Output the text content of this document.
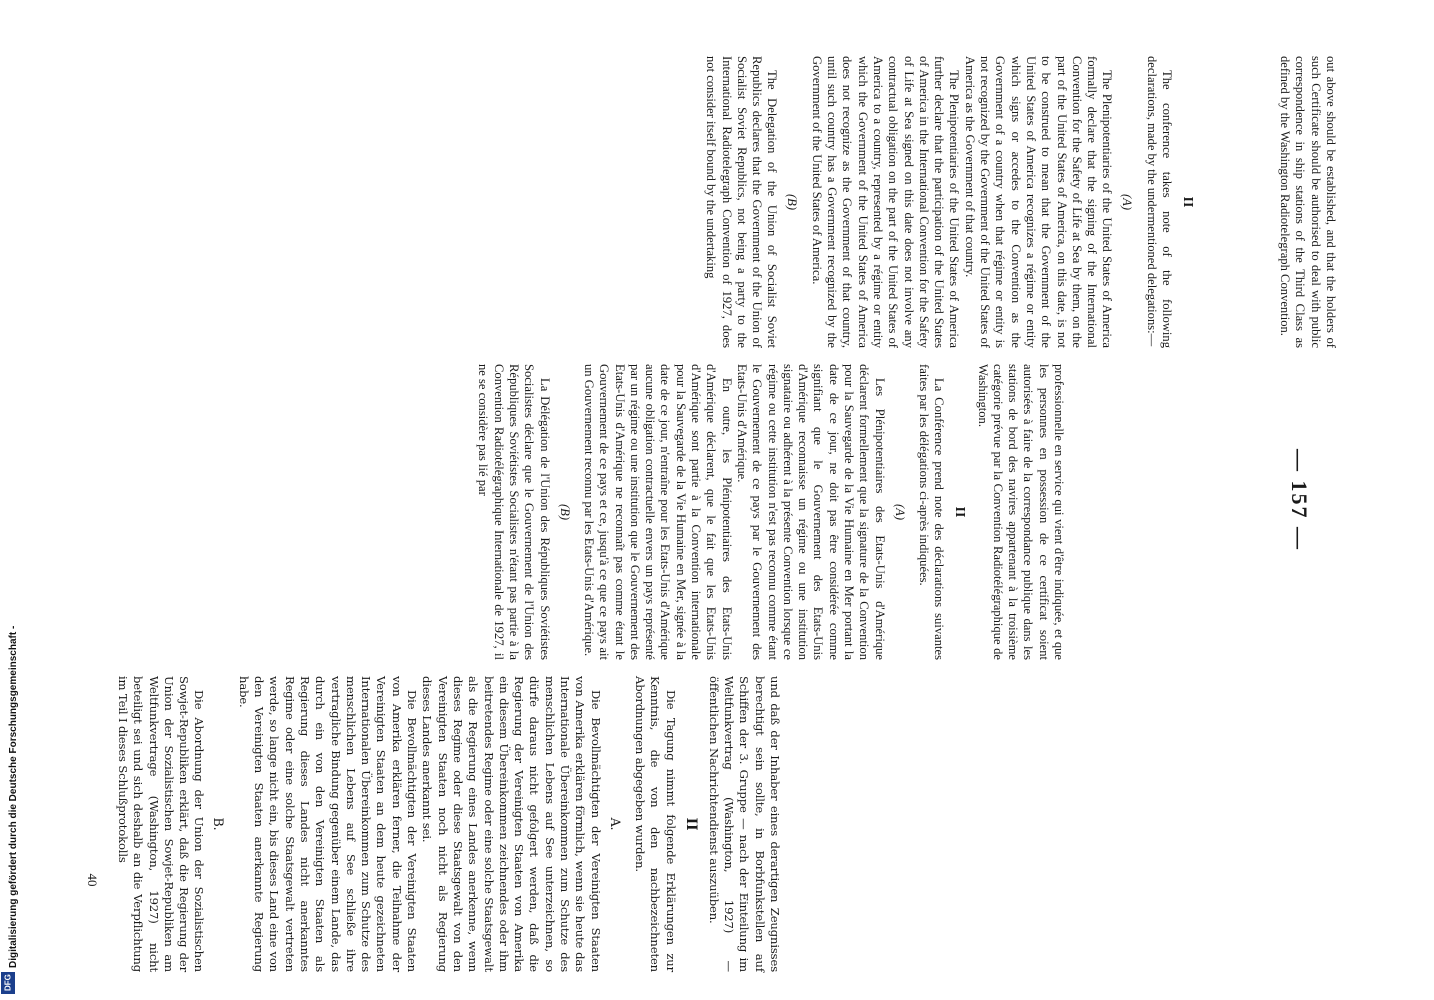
— 157 —

out above should be established, and that the holders of such Certificate should be authorised to deal with public correspondence in ship stations of the Third Class as defined by the Washington Radiotelegraph Convention.

II

The conference takes note of the following declarations, made by the undermentioned delegations:—

(A)

The Plenipotentiaries of the United States of America formally declare that the signing of the International Convention for the Safety of Life at Sea by them, on the part of the United States of America, on this date, is not to be construed to mean that the Government of the United States of America recognizes a régime or entity which signs or accedes to the Convention as the Government of a country when that régime or entity is not recognized by the Government of the United States of America as the Government of that country.

The Plenipotentiaries of the United States of America further declare that the participation of the United States of America in the International Convention for the Safety of Life at Sea signed on this date does not involve any contractual obligation on the part of the United States of America to a country, represented by a régime or entity which the Government of the United States of America does not recognize as the Government of that country, until such country has a Government recognized by the Government of the United States of America.

(B)

The Delegation of the Union of Socialist Soviet Republics declares that the Government of the Union of Socialist Soviet Republics, not being a party to the International Radiotelegraph Convention of 1927, does not consider itself bound by the undertaking

professionnelle en service qui vient d'être indiquée, et que les personnes en possession de ce certificat soient autorisées à faire de la correspondance publique dans les stations de bord des navires appartenant à la troisième catégorie prévue par la Convention Radiotélégraphique de Washington.

II

La Conférence prend note des déclarations suivantes faites par les délégations ci-après indiquées.

(A)

Les Plénipotentiaires des Etats-Unis d'Amérique déclarent formellement que la signature de la Convention pour la Sauvegarde de la Vie Humaine en Mer portant la date de ce jour, ne doit pas être considérée comme signifiant que le Gouvernement des Etats-Unis d'Amérique reconnaisse un régime ou une institution signataire ou adhérent à la présente Convention lorsque ce régime ou cette institution n'est pas reconnu comme étant le Gouvernement de ce pays par le Gouvernement des Etats-Unis d'Amérique.

En outre, les Plénipotentiaires des Etats-Unis d'Amérique déclarent, que le fait que les Etats-Unis d'Amérique sont partie à la Convention internationale pour la Sauvegarde de la Vie Humaine en Mer, signée à la date de ce jour, n'entraîne pour les Etats-Unis d'Amérique aucune obligation contractuelle envers un pays représenté par un régime ou une institution que le Gouvernement des Etats-Unis d'Amérique ne reconnaît pas comme étant le Gouvernement de ce pays et ce, jusqu'à ce que ce pays ait un Gouvernement reconnu par les Etats-Unis d'Amérique.

(B)

La Délégation de l'Union des Républiques Soviétistes Socialistes déclare que le Gouvernement de l'Union des Républiques Soviétistes Socialistes n'étant pas partie à la Convention Radiotélégraphique Internationale de 1927, il ne se considère pas lié par

und daß der Inhaber eines derartigen Zeugnisses berechtigt sein sollte, in Borbfunkstellen auf Schiffen der 3. Gruppe — nach der Einteilung im Weltfunkvertrag (Washington, 1927) — öffentlichen Nachrichtendienst auszuüben.

II

Die Tagung nimmt folgende Erklärungen zur Kenntnis, die von den nachbezeichneten Abordnungen abgegeben wurden.

A.

Die Bevollmächtigten der Vereinigten Staaten von Amerika erklären förmlich, wenn sie heute das Internationale Übereinkommen zum Schutze des menschlichen Lebens auf See unterzeichnen, so dürfe daraus nicht gefolgert werden, daß die Regierung der Vereinigten Staaten von Amerika ein diesem Übereinkommen zeichnendes oder ihm beitretendes Regime oder eine solche Staatsgewalt als die Regierung eines Landes anerkenne, wenn dieses Regime oder diese Staatsgewalt von den Vereinigten Staaten noch nicht als Regierung dieses Landes anerkannt sei.

Die Bevollmächtigten der Vereinigten Staaten von Amerika erklären ferner, die Teilnahme der Vereinigten Staaten an dem heute gezeichneten Internationalen Übereinkommen zum Schutze des menschlichen Lebens auf See schließe ihre vertragliche Bindung gegenüber einem Lande, das durch ein von den Vereinigten Staaten als Regierung dieses Landes nicht anerkanntes Regime oder eine solche Staatsgewalt vertreten werde, so lange nicht ein, bis dieses Land eine von den Vereinigten Staaten anerkannte Regierung habe.

B.

Die Abordnung der Union der Sozialistischen Sowjet-Republiken erklärt, daß die Regierung der Union der Sozialistischen Sowjet-Republiken am Weltfunkvertrage (Washington, 1927) nicht beteiligt sei und sich deshalb an die Verpflichtung im Teil I dieses Schlußprotokolls

40
Digitalisierung gefördert durch die Deutsche Forschungsgemeinschaft -
DFG
